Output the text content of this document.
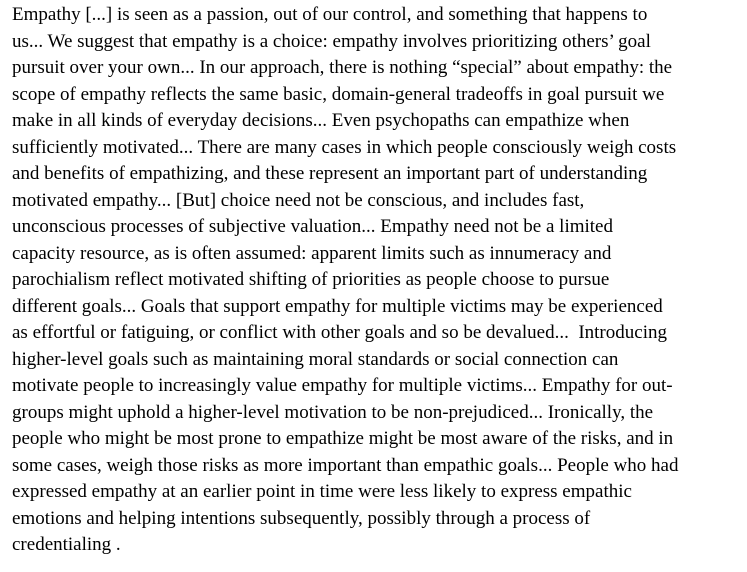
Empathy [...] is seen as a passion, out of our control, and something that happens to
us... We suggest that empathy is a choice: empathy involves prioritizing others’ goal
pursuit over your own... In our approach, there is nothing “special” about empathy: the
scope of empathy reflects the same basic, domain-general tradeoffs in goal pursuit we
make in all kinds of everyday decisions... Even psychopaths can empathize when
sufficiently motivated... There are many cases in which people consciously weigh costs
and benefits of empathizing, and these represent an important part of understanding
motivated empathy... [But] choice need not be conscious, and includes fast,
unconscious processes of subjective valuation... Empathy need not be a limited
capacity resource, as is often assumed: apparent limits such as innumeracy and
parochialism reflect motivated shifting of priorities as people choose to pursue
different goals... Goals that support empathy for multiple victims may be experienced
as effortful or fatiguing, or conflict with other goals and so be devalued...  Introducing
higher-level goals such as maintaining moral standards or social connection can
motivate people to increasingly value empathy for multiple victims... Empathy for out-
groups might uphold a higher-level motivation to be non-prejudiced... Ironically, the
people who might be most prone to empathize might be most aware of the risks, and in
some cases, weigh those risks as more important than empathic goals... People who had
expressed empathy at an earlier point in time were less likely to express empathic
emotions and helping intentions subsequently, possibly through a process of
credentialing .
